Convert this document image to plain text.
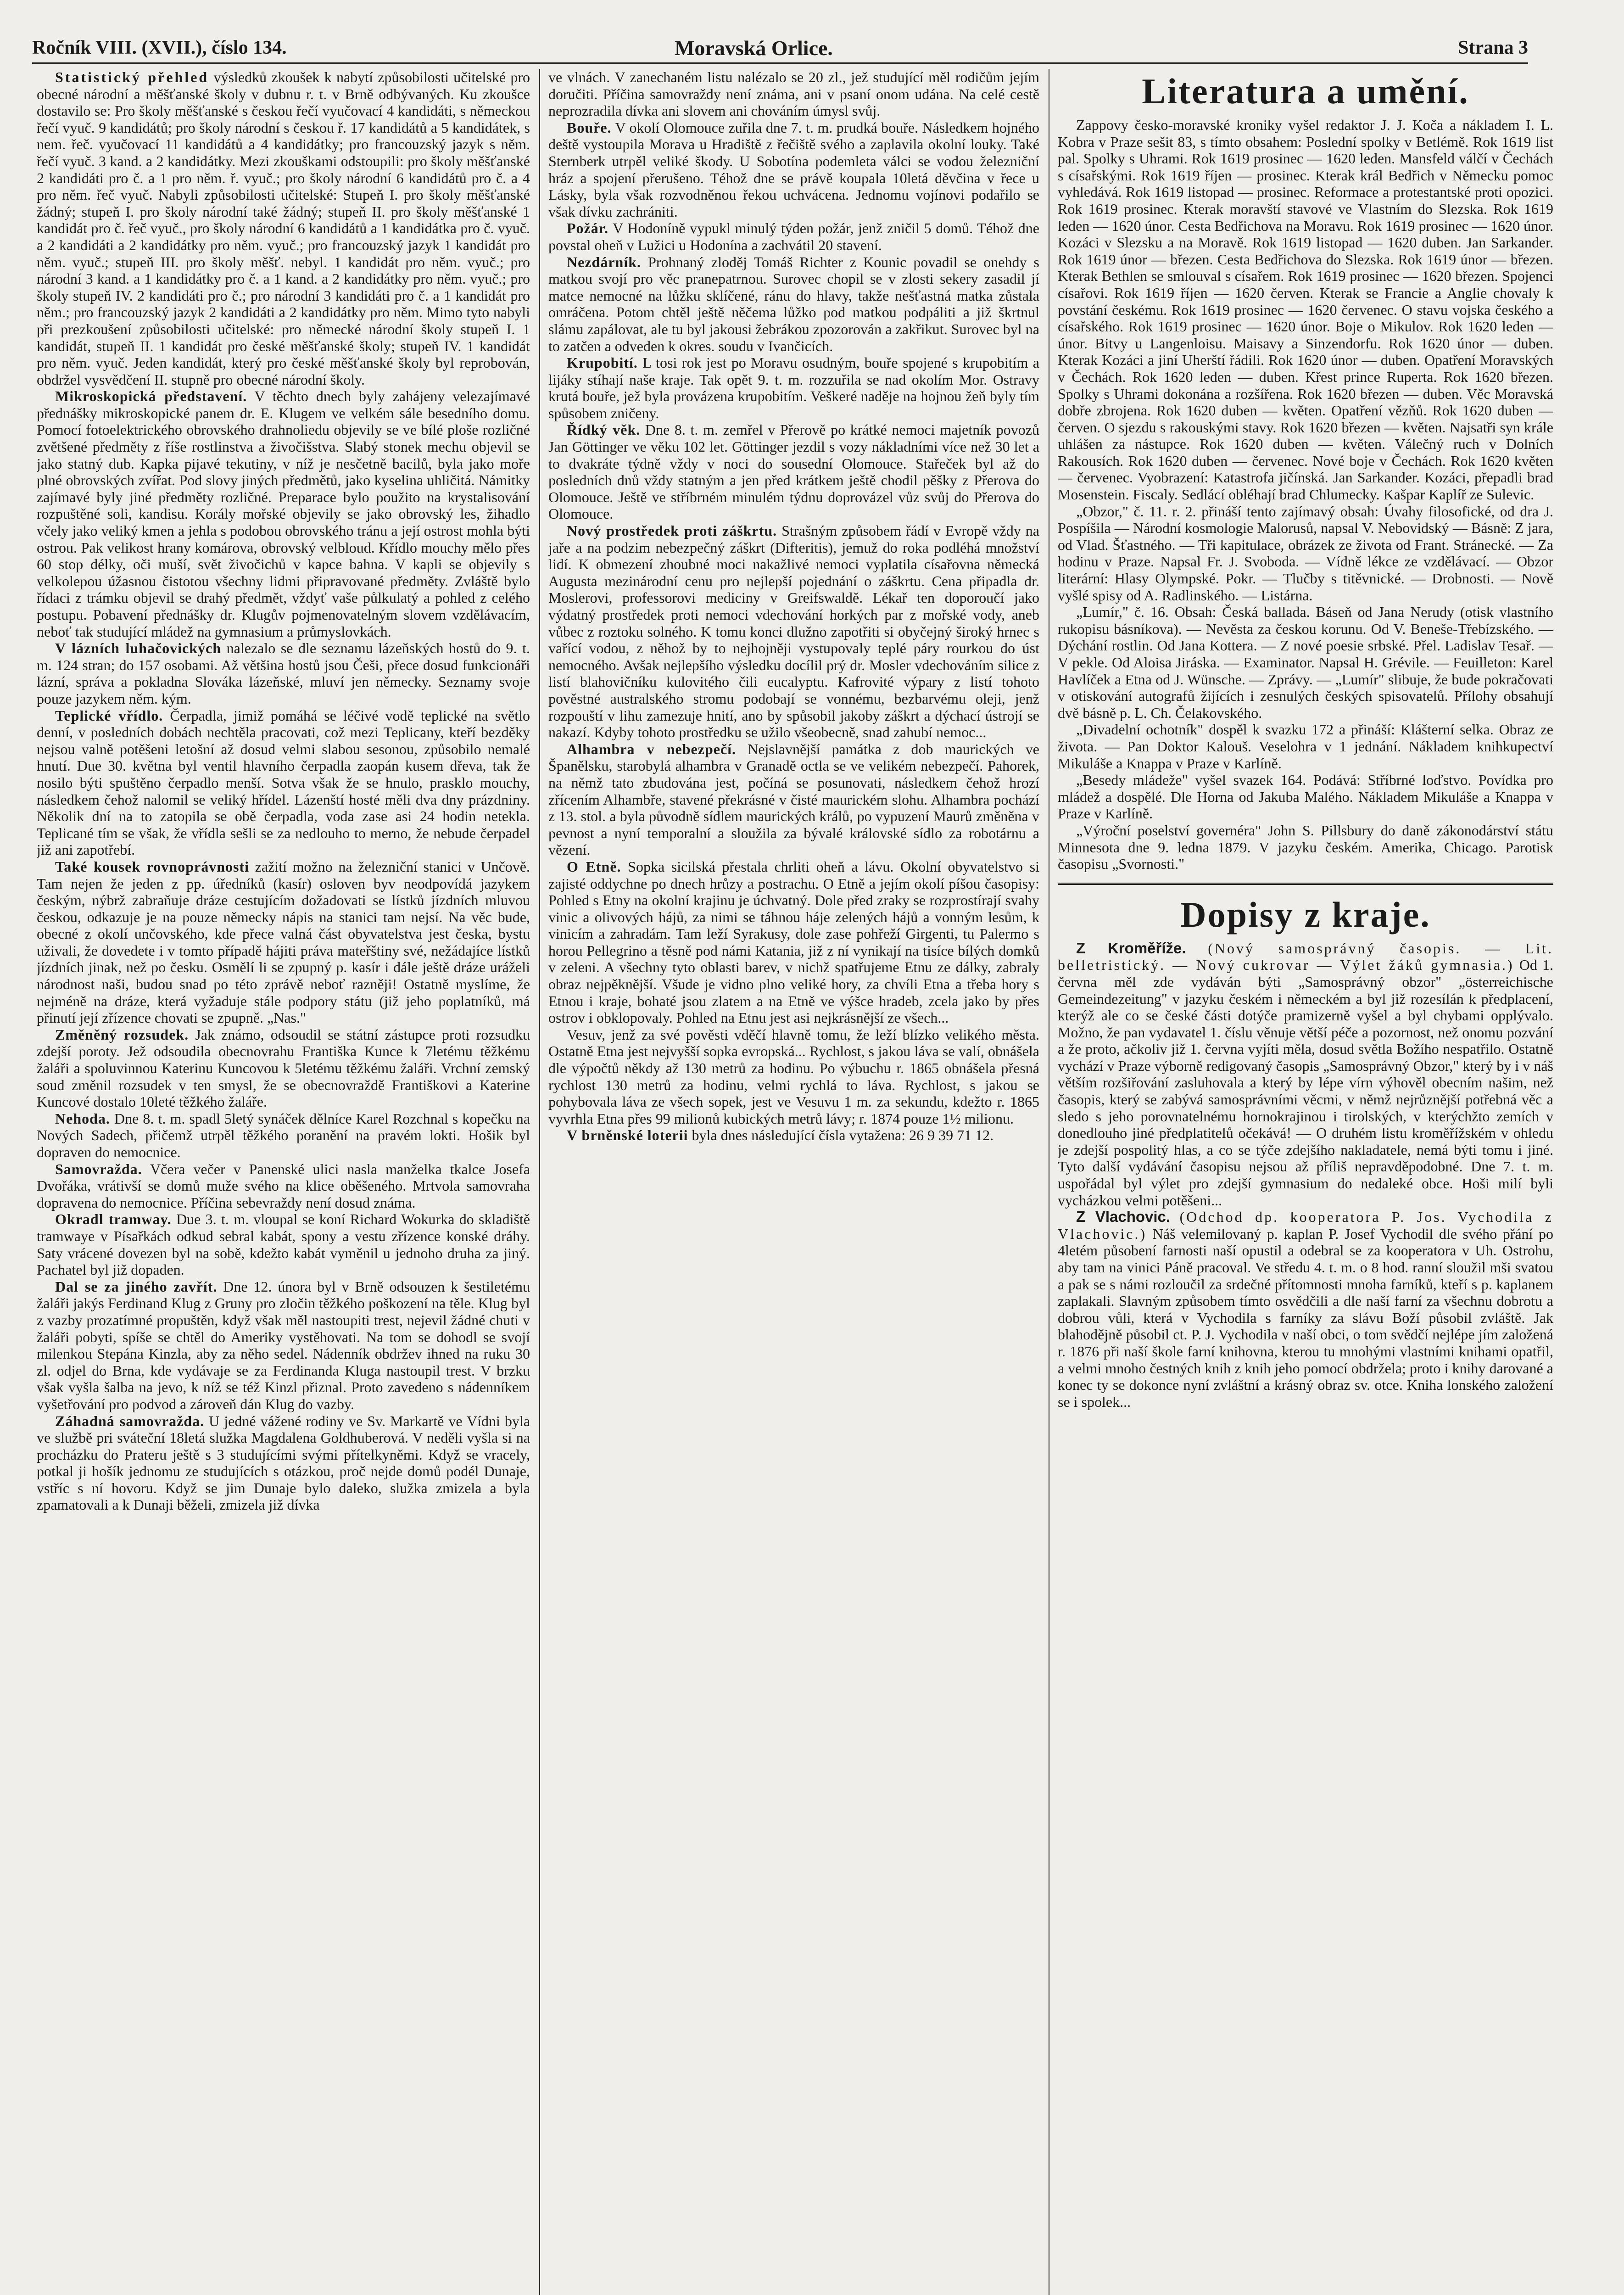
Ročník VIII. (XVII.), číslo 134.	Moravská Orlice.	Strana 3

Statistický přehled výsledků zkoušek k nabytí způsobilosti učitelské pro obecné národní a měšťanské školy v dubnu r. t. v Brně odbývaných. Ku zkoušce dostavilo se: Pro školy měšťanské s českou řečí vyučovací 4 kandidáti, s německou řečí vyuč. 9 kandidátů; pro školy národní s českou ř. 17 kandidátů a 5 kandidátek, s nem. řeč. vyučovací 11 kandidátů a 4 kandidátky; pro francouzský jazyk s něm. řečí vyuč. 3 kand. a 2 kandidátky. Mezi zkouškami odstoupili: pro školy měšťanské 2 kandidáti pro č. a 1 pro něm. ř. vyuč.; pro školy národní 6 kandidátů pro č. a 4 pro něm. řeč vyuč. Nabyli způsobilosti učitelské: Stupeň I. pro školy měšťanské žádný; stupeň I. pro školy národní také žádný; stupeň II. pro školy měšťanské 1 kandidát pro č. řeč vyuč., pro školy národní 6 kandidátů a 1 kandidátka pro č. vyuč. a 2 kandidáti a 2 kandidátky pro něm. vyuč.; pro francouzský jazyk 1 kandidát pro něm. vyuč.; stupeň III. pro školy měšť. nebyl. 1 kandidát pro něm. vyuč.; pro národní 3 kand. a 1 kandidátky pro č. a 1 kand. a 2 kandidátky pro něm. vyuč.; pro školy stupeň IV. 2 kandidáti pro č.; pro národní 3 kandidáti pro č. a 1 kandidát pro něm.; pro francouzský jazyk 2 kandidáti a 2 kandidátky pro něm. Mimo tyto nabyli při prezkoušení způsobilosti učitelské: pro německé národní školy stupeň I. 1 kandidát, stupeň II. 1 kandidát pro české měšťanské školy; stupeň IV. 1 kandidát pro něm. vyuč. Jeden kandidát, který pro české měšťanské školy byl reprobován, obdržel vysvědčení II. stupně pro obecné národní školy.

Mikroskopická představení. V těchto dnech byly zahájeny velezajímavé přednášky mikroskopické panem dr. E. Klugem ve velkém sále besedního domu. Pomocí fotoelektrického obrovského drahnoliedu objevily se ve bílé ploše rozličné zvětšené předměty z říše rostlinstva a živočišstva. Slabý stonek mechu objevil se jako statný dub. Kapka pijavé tekutiny, v níž je nesčetně bacilů, byla jako moře plné obrovských zvířat. Pod slovy jiných předmětů, jako kyselina uhličitá. Námitky zajímavé byly jiné předměty rozličné. Preparace bylo použito na krystalisování rozpuštěné soli, kandisu. Korály mořské objevily se jako obrovský les, žihadlo včely jako veliký kmen a jehla s podobou obrovského tránu a její ostrost mohla býti ostrou. Pak velikost hrany komárova, obrovský velbloud. Křídlo mouchy mělo přes 60 stop délky, oči muší, svět živočichů v kapce bahna. V kapli se objevily s velkolepou úžasnou čistotou všechny lidmi připravované předměty. Zvláště bylo řídaci z trámku objevil se drahý předmět, vždyť vaše půlkulatý a pohled z celého postupu. Pobavení přednášky dr. Klugův pojmenovatelným slovem vzdělávacím, neboť tak studující mládež na gymnasium a průmyslovkách.

V lázních luhačovických nalezalo se dle seznamu lázeňských hostů do 9. t. m. 124 stran; do 157 osobami. Až většina hostů jsou Češi, přece dosud funkcionáři lázní, správa a pokladna Slováka lázeňské, mluví jen německy. Seznamy svoje pouze jazykem něm. kým.

Teplické vřídlo. Čerpadla, jimiž pomáhá se léčivé vodě teplické na světlo denní, v posledních dobách nechtěla pracovati, což mezi Teplicany, kteří bezděky nejsou valně potěšeni letošní až dosud velmi slabou sesonou, způsobilo nemalé hnutí. Due 30. května byl ventil hlavního čerpadla zaopán kusem dřeva, tak že nosilo býti spuštěno čerpadlo menší. Sotva však že se hnulo, prasklo mouchy, následkem čehož nalomil se veliký hřídel. Lázenští hosté měli dva dny prázdniny. Několik dní na to zatopila se obě čerpadla, voda zase asi 24 hodin netekla. Teplicané tím se však, že vřídla sešli se za nedlouho to merno, že nebude čerpadel již ani zapotřebí.

Také kousek rovnoprávnosti zažití možno na železniční stanici v Unčově. Tam nejen že jeden z pp. úředníků (kasír) osloven byv neodpovídá jazykem českým, nýbrž zabraňuje dráze cestujícím dožadovati se lístků jízdních mluvou českou, odkazuje je na pouze německy nápis na stanici tam nejsí. Na věc bude, obecné z okolí unčovského, kde přece valná část obyvatelstva jest česka, bystu uživali, že dovedete i v tomto případě hájiti práva mateřštiny své, nežádajíce lístků jízdních jinak, než po česku. Osmělí li se zpupný p. kasír i dále ještě dráze uráželi národnost naši, budou snad po této zprávě neboť razněji! Ostatně myslíme, že nejméně na dráze, která vyžaduje stále podpory státu (již jeho poplatníků, má přinutí její zřízence chovati se zpupně. „Nas."

Změněný rozsudek. Jak známo, odsoudil se státní zástupce proti rozsudku zdejší poroty. Jež odsoudila obecnovrahu Františka Kunce k 7letému těžkému žaláři a spoluvinnou Katerinu Kuncovou k 5letému těžkému žaláři. Vrchní zemský soud změnil rozsudek v ten smysl, že se obecnovraždě Františkovi a Katerine Kuncové dostalo 10leté těžkého žaláře.

Nehoda. Dne 8. t. m. spadl 5letý synáček dělníce Karel Rozchnal s kopečku na Nových Sadech, přičemž utrpěl těžkého poranění na pravém lokti. Hošik byl dopraven do nemocnice.

Samovražda. Včera večer v Panenské ulici nasla manželka tkalce Josefa Dvořáka, vrátivší se domů muže svého na klice oběšeného. Mrtvola samovraha dopravena do nemocnice. Příčina sebevraždy není dosud známa.

Okradl tramway. Due 3. t. m. vloupal se koní Richard Wokurka do skladiště tramwaye v Písařkách odkud sebral kabát, spony a vestu zřízence konské dráhy. Saty vrácené dovezen byl na sobě, kdežto kabát vyměnil u jednoho druha za jiný. Pachatel byl již dopaden.

Dal se za jiného zavřít. Dne 12. února byl v Brně odsouzen k šestiletému žaláři jakýs Ferdinand Klug z Gruny pro zločin těžkého poškození na těle. Klug byl z vazby prozatímné propuštěn, když však měl nastoupiti trest, nejevil žádné chuti v žaláři pobyti, spíše se chtěl do Ameriky vystěhovati. Na tom se dohodl se svojí milenkou Stepána Kinzla, aby za něho sedel. Nádenník obdržev ihned na ruku 30 zl. odjel do Brna, kde vydávaje se za Ferdinanda Kluga nastoupil trest. V brzku však vyšla šalba na jevo, k níž se též Kinzl přiznal. Proto zavedeno s nádenníkem vyšetřování pro podvod a zároveň dán Klug do vazby.

Záhadná samovražda. U jedné vážené rodiny ve Sv. Markartě ve Vídni byla ve službě pri sváteční 18letá služka Magdalena Goldhuberová. V neděli vyšla si na procházku do Prateru ještě s 3 studujícími svými přítelkyněmi. Když se vracely, potkal ji hošík jednomu ze studujících s otázkou, proč nejde domů podél Dunaje, vstříc s ní hovoru. Když se jim Dunaje bylo daleko, služka zmizela a byla zpamatovali a k Dunaji běželi, zmizela již dívka

ve vlnách. V zanechaném listu nalézalo se 20 zl., jež studující měl rodičům jejím doručiti. Příčina samovraždy není známa, ani v psaní onom udána. Na celé cestě neprozradila dívka ani slovem ani chováním úmysl svůj.

Bouře. V okolí Olomouce zuřila dne 7. t. m. prudká bouře. Následkem hojného deště vystoupila Morava u Hradiště z řečiště svého a zaplavila okolní louky. Také Sternberk utrpěl veliké škody. U Sobotína podemleta válci se vodou železniční hráz a spojení přerušeno. Téhož dne se právě koupala 10letá děvčina v řece u Lásky, byla však rozvodněnou řekou uchvácena. Jednomu vojínovi podařilo se však dívku zachrániti.

Požár. V Hodoníně vypukl minulý týden požár, jenž zničil 5 domů. Téhož dne povstal oheň v Lužici u Hodonína a zachvátil 20 stavení.

Nezdárník. Prohnaný zloděj Tomáš Richter z Kounic povadil se onehdy s matkou svojí pro věc pranepatrnou. Surovec chopil se v zlosti sekery zasadil jí matce nemocné na lůžku sklíčené, ránu do hlavy, takže nešťastná matka zůstala omráčena. Potom chtěl ještě něčema lůžko pod matkou podpáliti a již škrtnul slámu zapálovat, ale tu byl jakousi žebrákou zpozorován a zakřikut. Surovec byl na to zatčen a odveden k okres. soudu v Ivančicích.

Krupobití. L tosi rok jest po Moravu osudným, bouře spojené s krupobitím a lijáky stíhají naše kraje. Tak opět 9. t. m. rozzuřila se nad okolím Mor. Ostravy krutá bouře, jež byla provázena krupobitím. Veškeré naděje na hojnou žeň byly tím spůsobem zničeny.

Řídký věk. Dne 8. t. m. zemřel v Přerově po krátké nemoci majetník povozů Jan Göttinger ve věku 102 let. Göttinger jezdil s vozy nákladními více než 30 let a to dvakráte týdně vždy v noci do sousední Olomouce. Stařeček byl až do posledních dnů vždy statným a jen před krátkem ještě chodil pěšky z Přerova do Olomouce. Ještě ve stříbrném minulém týdnu doprovázel vůz svůj do Přerova do Olomouce.

Nový prostředek proti záškrtu. Strašným způsobem řádí v Evropě vždy na jaře a na podzim nebezpečný záškrt (Difteritis), jemuž do roka podléhá množství lidí. K obmezení zhoubné moci nakažlivé nemoci vyplatila císařovna německá Augusta mezinárodní cenu pro nejlepší pojednání o záškrtu. Cena připadla dr. Moslerovi, professorovi mediciny v Greifswaldě. Lékař ten doporoučí jako výdatný prostředek proti nemoci vdechování horkých par z mořské vody, aneb vůbec z roztoku solného. K tomu konci dlužno zapotřiti si obyčejný široký hrnec s vařící vodou, z něhož by to nejhojněji vystupovaly teplé páry rourkou do úst nemocného. Avšak nejlepšího výsledku docílil prý dr. Mosler vdechováním silice z listí blahovičníku kulovitého čili eucalyptu. Kafrovité výpary z listí tohoto pověstné australského stromu podobají se vonnému, bezbarvému oleji, jenž rozpouští v lihu zamezuje hnití, ano by spůsobil jakoby záškrt a dýchací ústrojí se nakazí. Kdyby tohoto prostředku se užilo všeobecně, snad zahubí nemoc...

Alhambra v nebezpečí. Nejslavnější památka z dob maurických ve Španělsku, starobylá alhambra v Granadě octla se ve velikém nebezpečí. Pahorek, na němž tato zbudována jest, počíná se posunovati, následkem čehož hrozí zřícením Alhambře, stavené překrásné v čisté maurickém slohu. Alhambra pochází z 13. stol. a byla původně sídlem maurických králů, po vypuzení Maurů změněna v pevnost a nyní temporalní a sloužila za bývalé královské sídlo za robotárnu a vězení.

O Etně. Sopka sicilská přestala chrliti oheň a lávu. Okolní obyvatelstvo si zajisté oddychne po dnech hrůzy a postrachu. O Etně a jejím okolí píšou časopisy: Pohled s Etny na okolní krajinu je úchvatný. Dole před zraky se rozprostírají svahy vinic a olivových hájů, za nimi se táhnou háje zelených hájů a vonným lesům, k vinicím a zahradám. Tam leží Syrakusy, dole zase pohřeží Girgenti, tu Palermo s horou Pellegrino a těsně pod námi Katania, již z ní vynikají na tisíce bílých domků v zeleni. A všechny tyto oblasti barev, v nichž spatřujeme Etnu ze dálky, zabraly obraz nejpěknější. Všude je vidno plno veliké hory, za chvíli Etna a třeba hory s Etnou i kraje, bohaté jsou zlatem a na Etně ve výšce hradeb, zcela jako by přes ostrov i obklopovaly. Pohled na Etnu jest asi nejkrásnější ze všech...

Vesuv, jenž za své pověsti vděčí hlavně tomu, že leží blízko velikého města. Ostatně Etna jest nejvyšší sopka evropská... Rychlost, s jakou láva se valí, obnášela dle výpočtů někdy až 130 metrů za hodinu. Po výbuchu r. 1865 obnášela přesná rychlost 130 metrů za hodinu, velmi rychlá to láva. Rychlost, s jakou se pohybovala láva ze všech sopek, jest ve Vesuvu 1 m. za sekundu, kdežto r. 1865 vyvrhla Etna přes 99 milionů kubických metrů lávy; r. 1874 pouze 1½ milionu.

V brněnské loterii byla dnes následující čísla vytažena: 26 9 39 71 12.

Literatura a umění.

Zappovy česko-moravské kroniky vyšel redaktor J. J. Koča a nákladem I. L. Kobra v Praze sešit 83, s tímto obsahem: Poslední spolky v Betlémě. Rok 1619 list pal. Spolky s Uhrami. Rok 1619 prosinec — 1620 leden. Mansfeld válčí v Čechách s císařskými. Rok 1619 říjen — prosinec. Kterak král Bedřich v Německu pomoc vyhledává. Rok 1619 listopad — prosinec. Reformace a protestantské proti opozici. Rok 1619 prosinec. Kterak moravští stavové ve Vlastním do Slezska. Rok 1619 leden — 1620 únor. Cesta Bedřichova na Moravu. Rok 1619 prosinec — 1620 únor. Kozáci v Slezsku a na Moravě. Rok 1619 listopad — 1620 duben. Jan Sarkander. Rok 1619 únor — březen. Cesta Bedřichova do Slezska. Rok 1619 únor — březen. Kterak Bethlen se smlouval s císařem. Rok 1619 prosinec — 1620 březen. Spojenci císařovi. Rok 1619 říjen — 1620 červen. Kterak se Francie a Anglie chovaly k povstání českému. Rok 1619 prosinec — 1620 červenec. O stavu vojska českého a císařského. Rok 1619 prosinec — 1620 únor. Boje o Mikulov. Rok 1620 leden — únor. Bitvy u Langenloisu. Maisavy a Sinzendorfu. Rok 1620 únor — duben. Kterak Kozáci a jiní Uherští řádili. Rok 1620 únor — duben. Opatření Moravských v Čechách. Rok 1620 leden — duben. Křest prince Ruperta. Rok 1620 březen. Spolky s Uhrami dokonána a rozšířena. Rok 1620 březen — duben. Věc Moravská dobře zbrojena. Rok 1620 duben — květen. Opatření vězňů. Rok 1620 duben — červen. O sjezdu s rakouskými stavy. Rok 1620 březen — květen. Najsatři syn krále uhlášen za nástupce. Rok 1620 duben — květen. Válečný ruch v Dolních Rakousích. Rok 1620 duben — červenec. Nové boje v Čechách. Rok 1620 květen — červenec. Vyobrazení: Katastrofa jičínská. Jan Sarkander. Kozáci, přepadli brad Mosenstein. Fiscaly. Sedlácí obléhají brad Chlumecky. Kašpar Kaplíř ze Sulevic.

„Obzor," č. 11. r. 2. přináší tento zajímavý obsah: Úvahy filosofické, od dra J. Pospíšila — Národní kosmologie Malorusů, napsal V. Nebovidský — Básně: Z jara, od Vlad. Šťastného. — Tři kapitulace, obrázek ze života od Frant. Stránecké. — Za hodinu v Praze. Napsal Fr. J. Svoboda. — Vídně lékce ze vzdělávací. — Obzor literární: Hlasy Olympské. Pokr. — Tlučby s titěvnické. — Drobnosti. — Nově vyšlé spisy od A. Radlinského. — Listárna.

„Lumír," č. 16. Obsah: Česká ballada. Báseň od Jana Nerudy (otisk vlastního rukopisu básníkova). — Nevěsta za českou korunu. Od V. Beneše-Třebízského. — Dýchání rostlin. Od Jana Kottera. — Z nové poesie srbské. Přel. Ladislav Tesař. — V pekle. Od Aloisa Jiráska. — Examinator. Napsal H. Grévile. — Feuilleton: Karel Havlíček a Etna od J. Wünsche. — Zprávy. — „Lumír" slibuje, že bude pokračovati v otiskování autografů žijících i zesnulých českých spisovatelů. Přílohy obsahují dvě básně p. L. Ch. Čelakovského.

„Divadelní ochotník" dospěl k svazku 172 a přináší: Klášterní selka. Obraz ze života. — Pan Doktor Kalouš. Veselohra v 1 jednání. Nákladem knihkupectví Mikuláše a Knappa v Praze v Karlíně.

„Besedy mládeže" vyšel svazek 164. Podává: Stříbrné loďstvo. Povídka pro mládež a dospělé. Dle Horna od Jakuba Malého. Nákladem Mikuláše a Knappa v Praze v Karlíně.

„Výroční poselství governéra" John S. Pillsbury do daně zákonodárství státu Minnesota dne 9. ledna 1879. V jazyku českém. Amerika, Chicago. Parotisk časopisu „Svornosti."

Dopisy z kraje.

Z Kroměříže. (Nový samosprávný časopis. — Lit. belletristický. — Nový cukrovar — Výlet žáků gymnasia.) Od 1. června měl zde vydáván býti „Samosprávný obzor" „österreichische Gemeindezeitung" v jazyku českém i německém a byl již rozesílán k předplacení, kterýž ale co se české části dotýče pramizerně vyšel a byl chybami opplývalo. Možno, že pan vydavatel 1. číslu věnuje větší péče a pozornost, než onomu pozvání a že proto, ačkoliv již 1. června vyjíti měla, dosud světla Božího nespatřilo. Ostatně vychází v Praze výborně redigovaný časopis „Samosprávný Obzor," který by i v náš větším rozšiřování zasluhovala a který by lépe vírn výhověl obecním našim, než časopis, který se zabývá samosprávními věcmi, v němž nejrůznější potřebná věc a sledo s jeho porovnatelnému hornokrajinou i tirolských, v kterýchžto zemích v donedlouho jiné předplatitelů očekává! — O druhém listu kroměřížském v ohledu je zdejší pospolitý hlas, a co se týče zdejšího nakladatele, nemá býti tomu i jiné. Tyto další vydávání časopisu nejsou až příliš nepravděpodobné. Dne 7. t. m. uspořádal byl výlet pro zdejší gymnasium do nedaleké obce. Hoši milí byli vycházkou velmi potěšeni...

Z Vlachovic. (Odchod dp. kooperatora P. Jos. Vychodila z Vlachovic.) Náš velemilovaný p. kaplan P. Josef Vychodil dle svého přání po 4letém působení farnosti naší opustil a odebral se za kooperatora v Uh. Ostrohu, aby tam na vinici Páně pracoval. Ve středu 4. t. m. o 8 hod. ranní sloužil mši svatou a pak se s námi rozloučil za srdečné přítomnosti mnoha farníků, kteří s p. kaplanem zaplakali. Slavným způsobem tímto osvědčili a dle naší farní za všechnu dobrotu a dobrou vůli, která v Vychodila s farníky za slávu Boží působil zvláště. Jak blahodějně působil ct. P. J. Vychodila v naší obci, o tom svědčí nejlépe jím založená r. 1876 při naší škole farní knihovna, kterou tu mnohými vlastními knihami opatřil, a velmi mnoho čestných knih z knih jeho pomocí obdržela; proto i knihy darované a konec ty se dokonce nyní zvláštní a krásný obraz sv. otce. Kniha lonského založení se i spolek...
